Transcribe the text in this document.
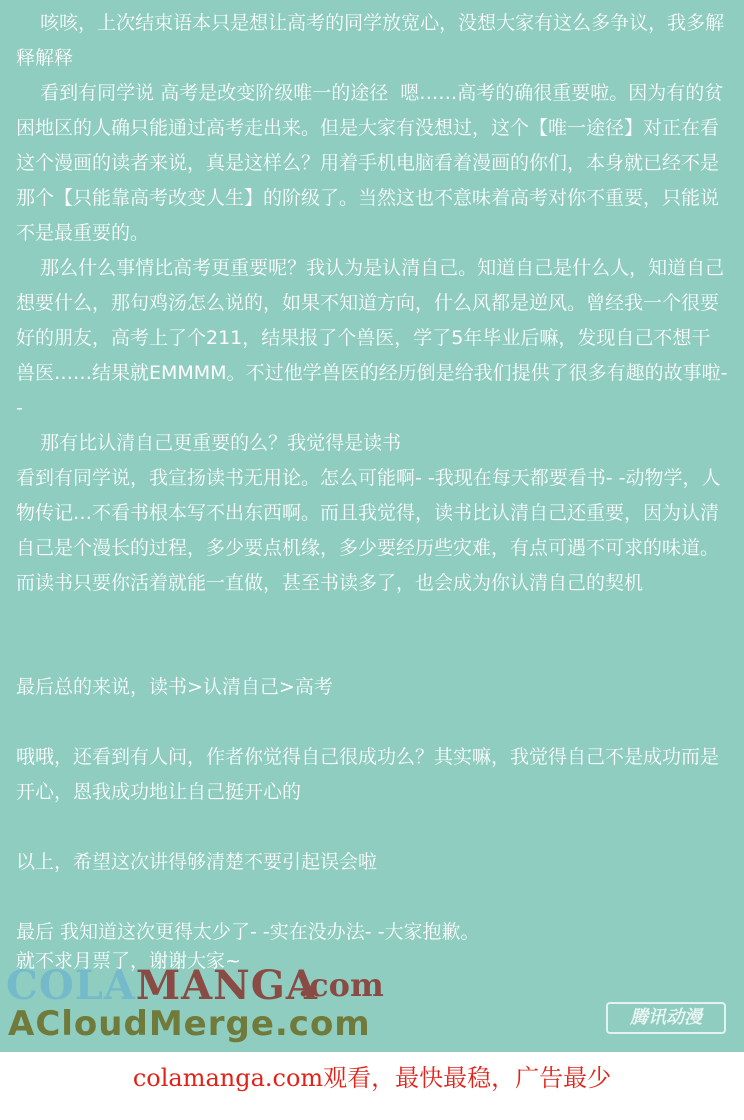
咳咳，上次结束语本只是想让高考的同学放宽心，没想大家有这么多争议，我多解释解释
看到有同学说 高考是改变阶级唯一的途径  嗯……高考的确很重要啦。因为有的贫困地区的人确只能通过高考走出来。但是大家有没想过，这个【唯一途径】对正在看这个漫画的读者来说，真是这样么？用着手机电脑看着漫画的你们，本身就已经不是那个【只能靠高考改变人生】的阶级了。当然这也不意味着高考对你不重要，只能说不是最重要的。
那么什么事情比高考更重要呢？我认为是认清自己。知道自己是什么人，知道自己想要什么，那句鸡汤怎么说的，如果不知道方向，什么风都是逆风。曾经我一个很要好的朋友，高考上了个211，结果报了个兽医，学了5年毕业后嘛，发现自己不想干兽医……结果就EMMMM。不过他学兽医的经历倒是给我们提供了很多有趣的故事啦- -
那有比认清自己更重要的么？我觉得是读书
看到有同学说，我宣扬读书无用论。怎么可能啊- -我现在每天都要看书- -动物学，人物传记…不看书根本写不出东西啊。而且我觉得，读书比认清自己还重要，因为认清自己是个漫长的过程，多少要点机缘，多少要经历些灾难，有点可遇不可求的味道。而读书只要你活着就能一直做，甚至书读多了，也会成为你认清自己的契机
最后总的来说，读书>认清自己>高考
哦哦，还看到有人问，作者你觉得自己很成功么？其实嘛，我觉得自己不是成功而是开心，恩我成功地让自己挺开心的
以上，希望这次讲得够清楚不要引起误会啦
最后 我知道这次更得太少了- -实在没办法- -大家抱歉。
就不求月票了，谢谢大家~
COLAMANGA
.com
ACloudMerge.com	腾讯动漫
colamanga.com观看，最快最稳，广告最少
